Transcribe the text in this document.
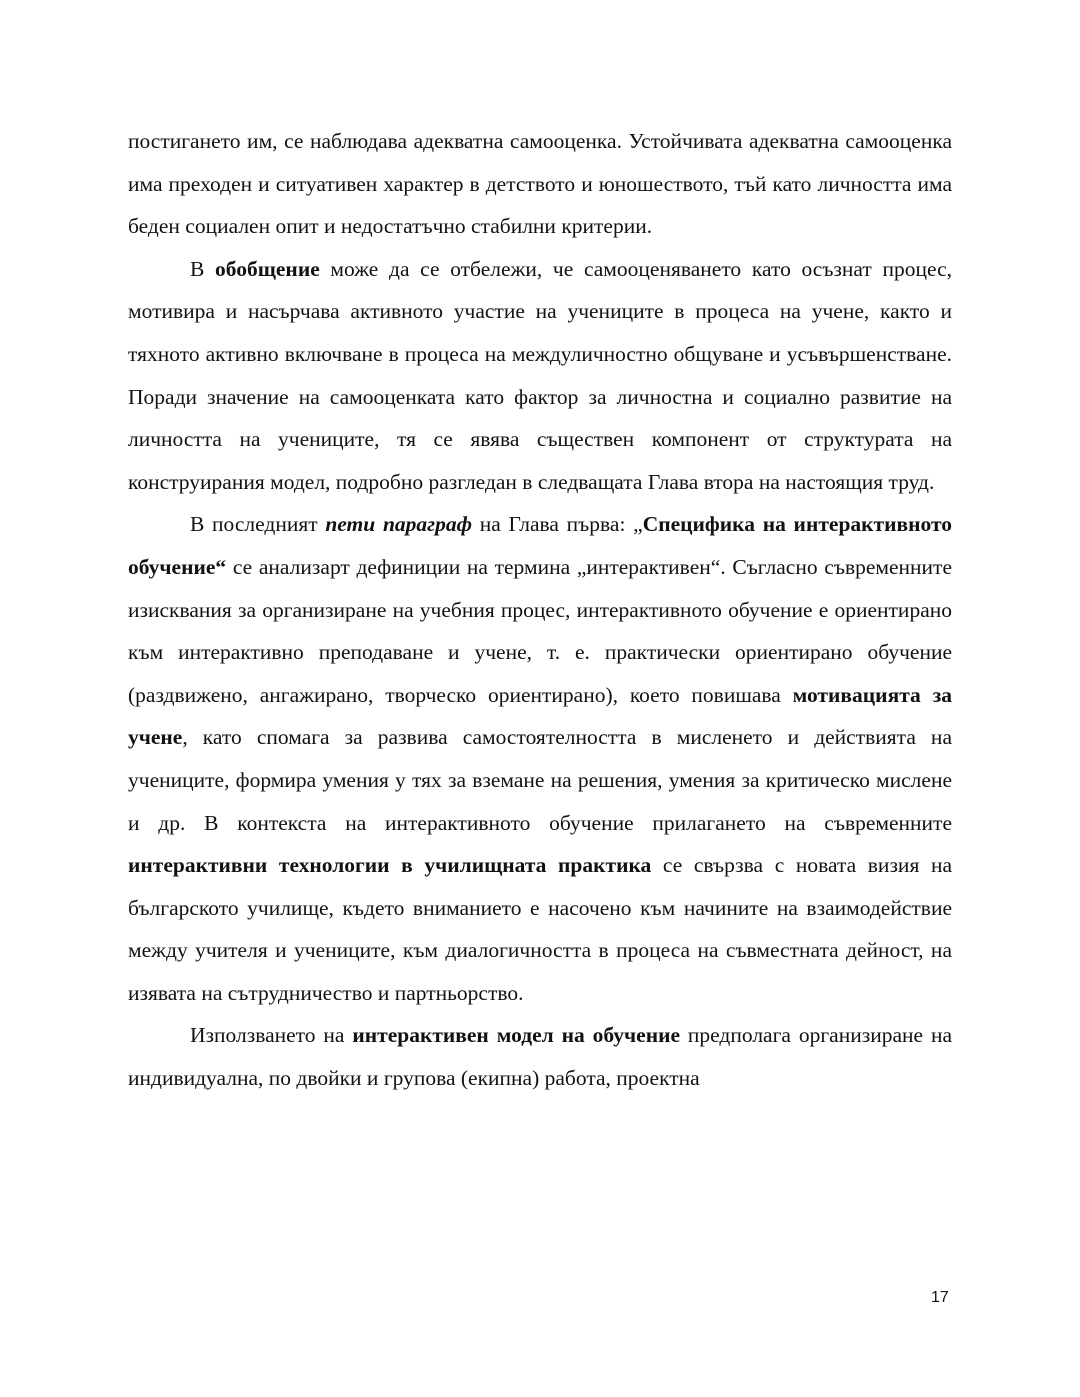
постигането им, се наблюдава адекватна самооценка. Устойчивата адекватна самооценка има преходен и ситуативен характер в детството и юношеството, тъй като личността има беден социален опит и недостатъчно стабилни критерии.

В обобщение може да се отбележи, че самооценяването като осъзнат процес, мотивира и насърчава активното участие на учениците в процеса на учене, както и тяхното активно включване в процеса на междуличностно общуване и усъвършенстване. Поради значение на самооценката като фактор за личностна и социално развитие на личността на учениците, тя се явява съществен компонент от структурата на конструирания модел, подробно разгледан в следващата Глава втора на настоящия труд.

В последният пети параграф на Глава първа: „Специфика на интерактивното обучение“ се анализарт дефиниции на термина „интерактивен“. Съгласно съвременните изисквания за организиране на учебния процес, интерактивното обучение е ориентирано към интерактивно преподаване и учене, т. е. практически ориентирано обучение (раздвижено, ангажирано, творческо ориентирано), което повишава мотивацията за учене, като спомага за развива самостоятелността в мисленето и действията на учениците, формира умения у тях за вземане на решения, умения за критическо мислене и др. В контекста на интерактивното обучение прилагането на съвременните интерактивни технологии в училищната практика се свързва с новата визия на българското училище, където вниманието е насочено към начините на взаимодействие между учителя и учениците, към диалогичността в процеса на съвместната дейност, на изявата на сътрудничество и партньорство.

Използването на интерактивен модел на обучение предполага организиране на индивидуална, по двойки и групова (екипна) работа, проектна

17
